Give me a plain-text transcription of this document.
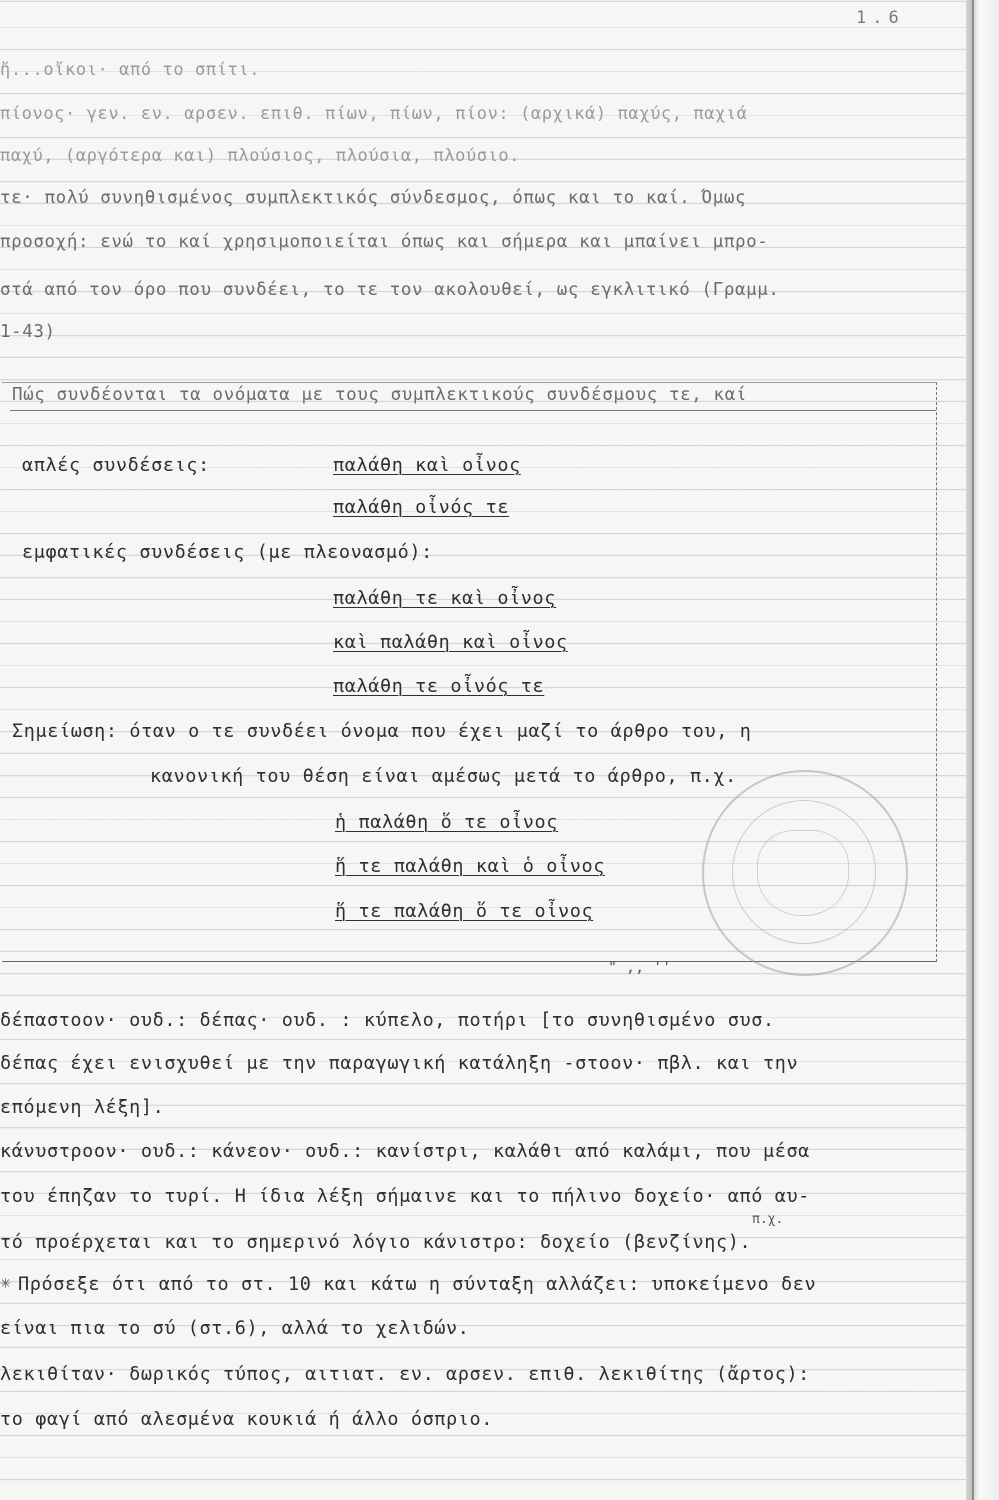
1.6
ἤ...οἴκοι· από το σπίτι.
πίονος· γεν. εν. αρσεν. επιθ. πίων, πίων, πίον: (αρχικά) παχύς, παχιά
παχύ, (αργότερα και) πλούσιος, πλούσια, πλούσιο.
τε· πολύ συνηθισμένος συμπλεκτικός σύνδεσμος, όπως και το καί. Όμως
προσοχή: ενώ το καί χρησιμοποιείται όπως και σήμερα και μπαίνει μπρο-
στά από τον όρο που συνδέει, το τε τον ακολουθεί, ως εγκλιτικό (Γραμμ.
1-43)
Πώς συνδέονται τα ονόματα με τους συμπλεκτικούς συνδέσμους τε, καί
απλές συνδέσεις:	παλάθη καὶ οἶνος
παλάθη οἶνός τε
εμφατικές συνδέσεις (με πλεονασμό):
παλάθη τε καὶ οἶνος
καὶ παλάθη καὶ οἶνος
παλάθη τε οἶνός τε
Σημείωση: όταν ο τε συνδέει όνομα που έχει μαζί το άρθρο του, η
κανονική του θέση είναι αμέσως μετά το άρθρο, π.χ.
ἡ παλάθη ὅ τε οἶνος
ἥ τε παλάθη καὶ ὁ οἶνος
ἥ τε παλάθη ὅ τε οἶνος
" ,, ''
δέπαστοον· ουδ.: δέπας· ουδ. : κύπελο, ποτήρι [το συνηθισμένο συσ.
δέπας έχει ενισχυθεί με την παραγωγική κατάληξη -στοον· πβλ. και την
επόμενη λέξη].
κάνυστροον· ουδ.: κάνεον· ουδ.: κανίστρι, καλάθι από καλάμι, που μέσα
του έπηζαν το τυρί. Η ίδια λέξη σήμαινε και το πήλινο δοχείο· από αυ-
π.χ.
τό προέρχεται και το σημερινό λόγιο κάνιστρο: δοχείο (βενζίνης).
✳ Πρόσεξε ότι από το στ. 10 και κάτω η σύνταξη αλλάζει: υποκείμενο δεν
είναι πια το σύ (στ.6), αλλά το χελιδών.
λεκιθίταν· δωρικός τύπος, αιτιατ. εν. αρσεν. επιθ. λεκιθίτης (ἄρτος):
το φαγί από αλεσμένα κουκιά ή άλλο όσπριο.
